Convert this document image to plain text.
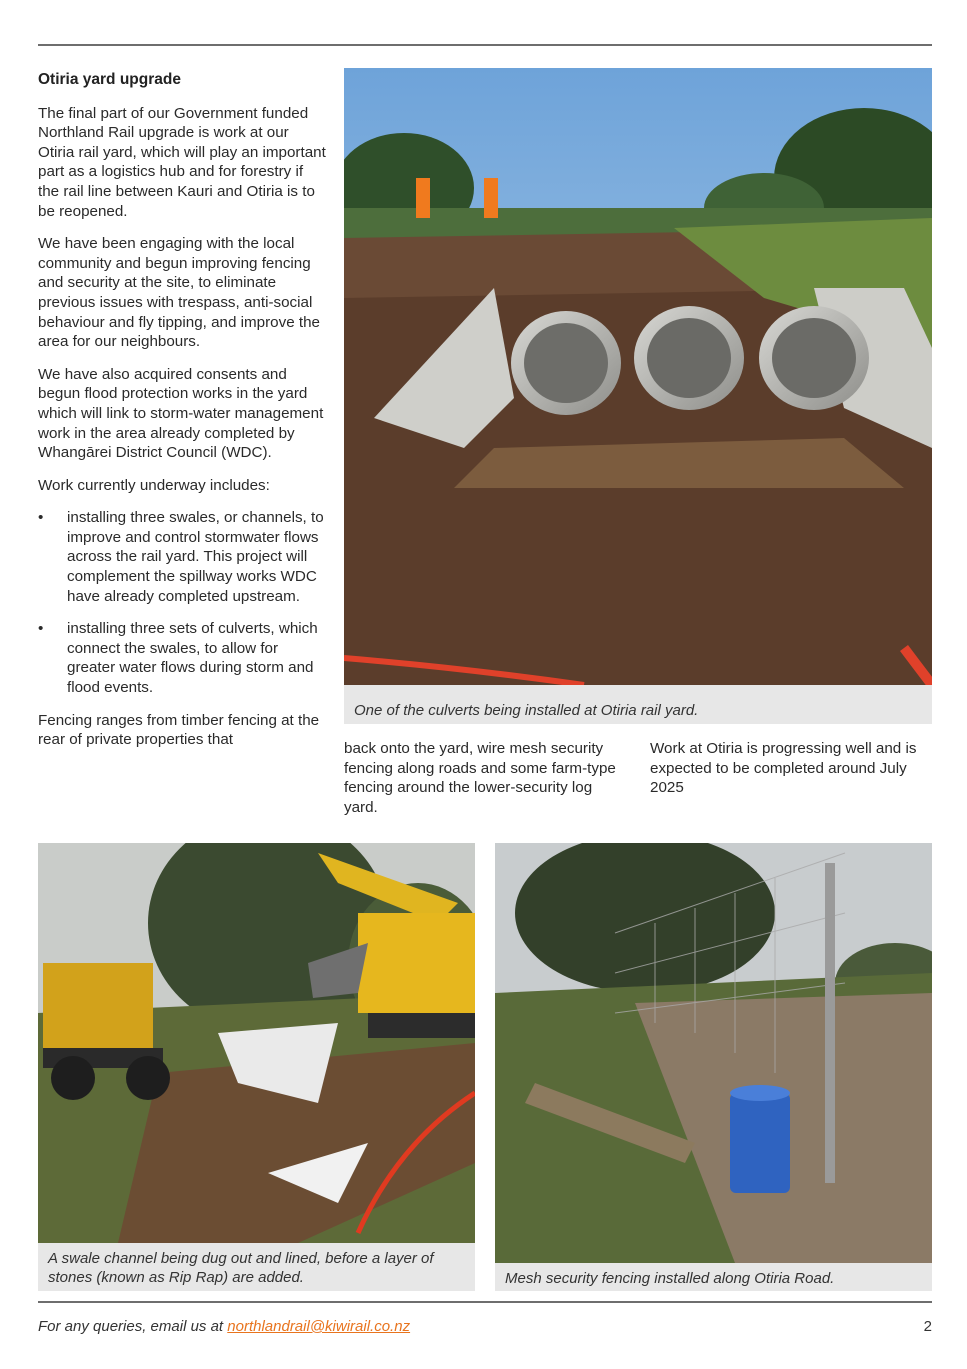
Otiria yard upgrade

The final part of our Government funded Northland Rail upgrade is work at our Otiria rail yard, which will play an important part as a logistics hub and for forestry if the rail line between Kauri and Otiria is to be reopened.

We have been engaging with the local community and begun improving fencing and security at the site, to eliminate previous issues with trespass, anti-social behaviour and fly tipping, and improve the area for our neighbours.

We have also acquired consents and begun flood protection works in the yard which will link to storm-water management work in the area already completed by Whangārei District Council (WDC).

Work currently underway includes:

• installing three swales, or channels, to improve and control stormwater flows across the rail yard. This project will complement the spillway works WDC have already completed upstream.
• installing three sets of culverts, which connect the swales, to allow for greater water flows during storm and flood events.

Fencing ranges from timber fencing at the rear of private properties that

One of the culverts being installed at Otiria rail yard.

back onto the yard, wire mesh security fencing along roads and some farm-type fencing around the lower-security log yard.

Work at Otiria is progressing well and is expected to be completed around July 2025

A swale channel being dug out and lined, before a layer of stones (known as Rip Rap) are added.	Mesh security fencing installed along Otiria Road.
For any queries, email us at northlandrail@kiwirail.co.nz	2
